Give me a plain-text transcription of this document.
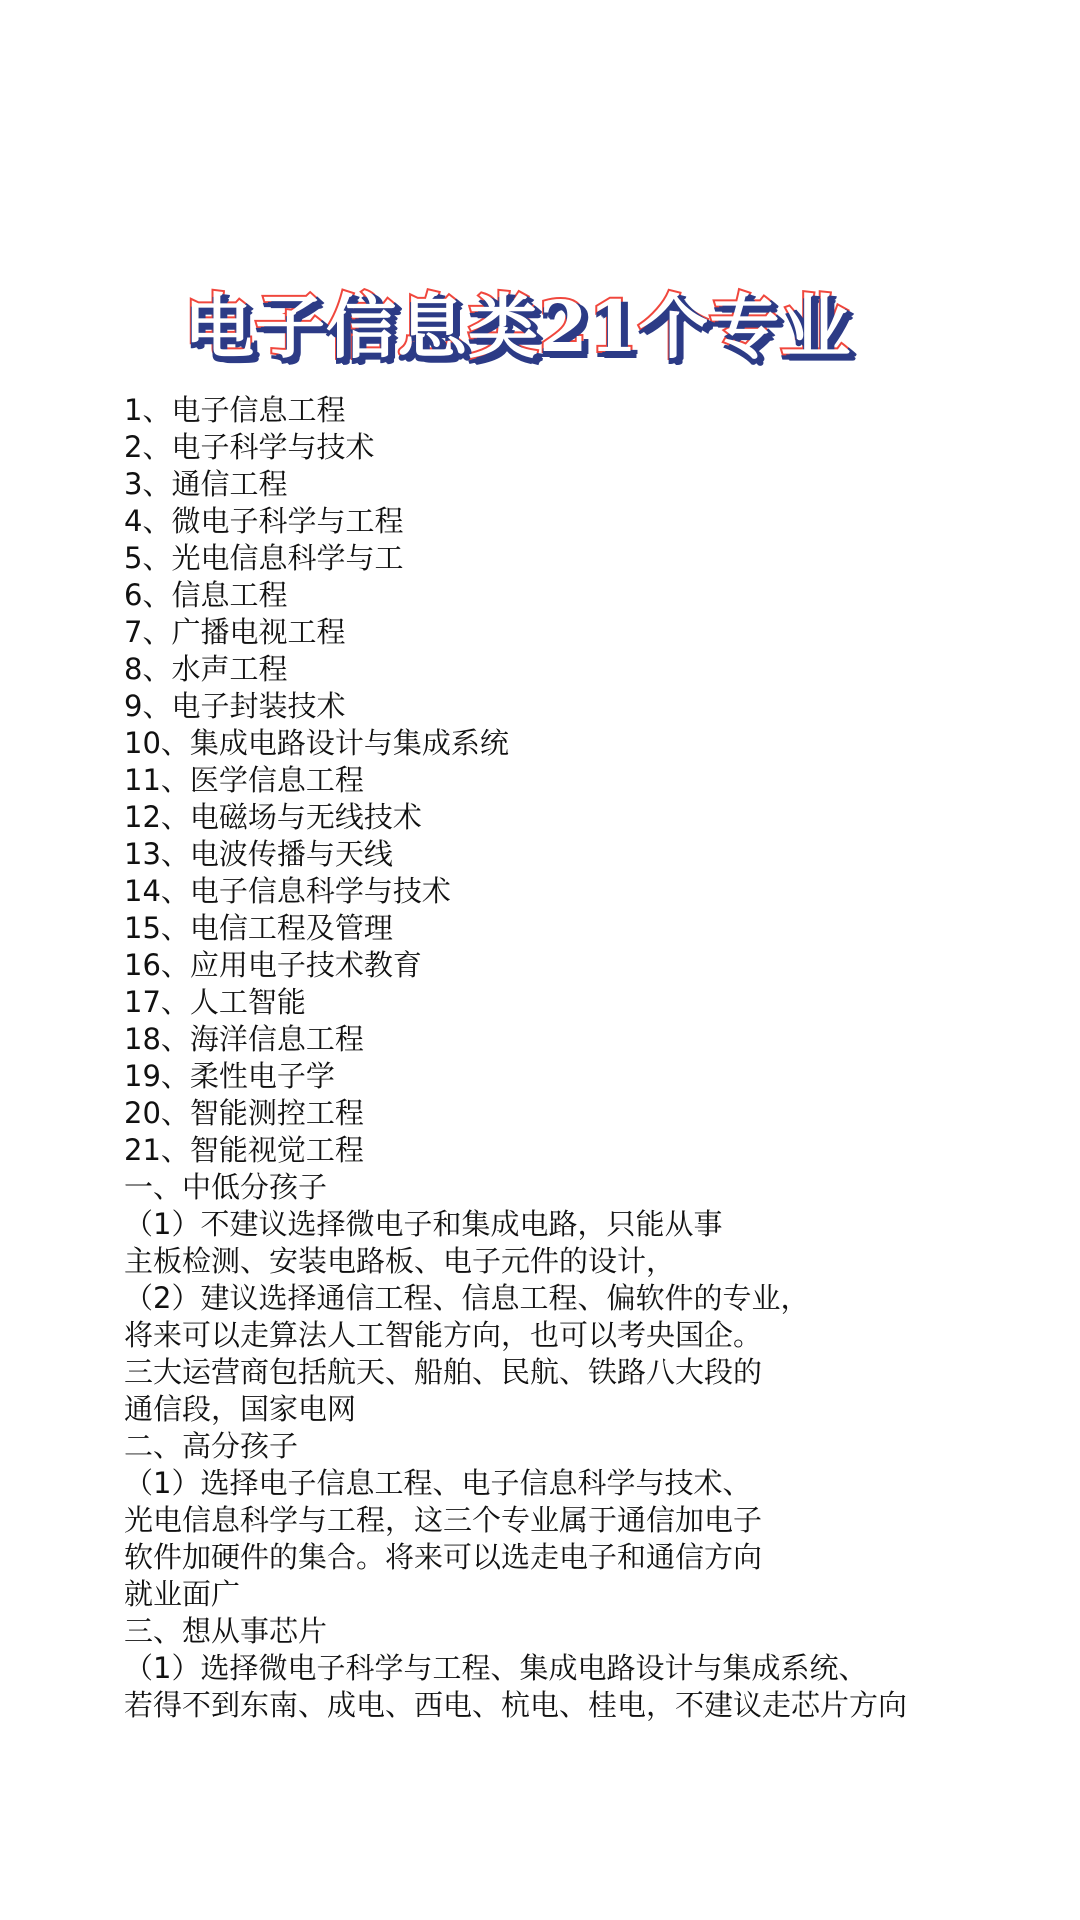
电子信息类21个专业
1、电子信息工程
2、电子科学与技术
3、通信工程
4、微电子科学与工程
5、光电信息科学与工
6、信息工程
7、广播电视工程
8、水声工程
9、电子封装技术
10、集成电路设计与集成系统
11、医学信息工程
12、电磁场与无线技术
13、电波传播与天线
14、电子信息科学与技术
15、电信工程及管理
16、应用电子技术教育
17、人工智能
18、海洋信息工程
19、柔性电子学
20、智能测控工程
21、智能视觉工程
一、中低分孩子
（1）不建议选择微电子和集成电路，只能从事
主板检测、安装电路板、电子元件的设计，
（2）建议选择通信工程、信息工程、偏软件的专业，
将来可以走算法人工智能方向，也可以考央国企。
三大运营商包括航天、船舶、民航、铁路八大段的
通信段，国家电网
二、高分孩子
（1）选择电子信息工程、电子信息科学与技术、
光电信息科学与工程，这三个专业属于通信加电子
软件加硬件的集合。将来可以选走电子和通信方向
就业面广
三、想从事芯片
（1）选择微电子科学与工程、集成电路设计与集成系统、
若得不到东南、成电、西电、杭电、桂电，不建议走芯片方向
